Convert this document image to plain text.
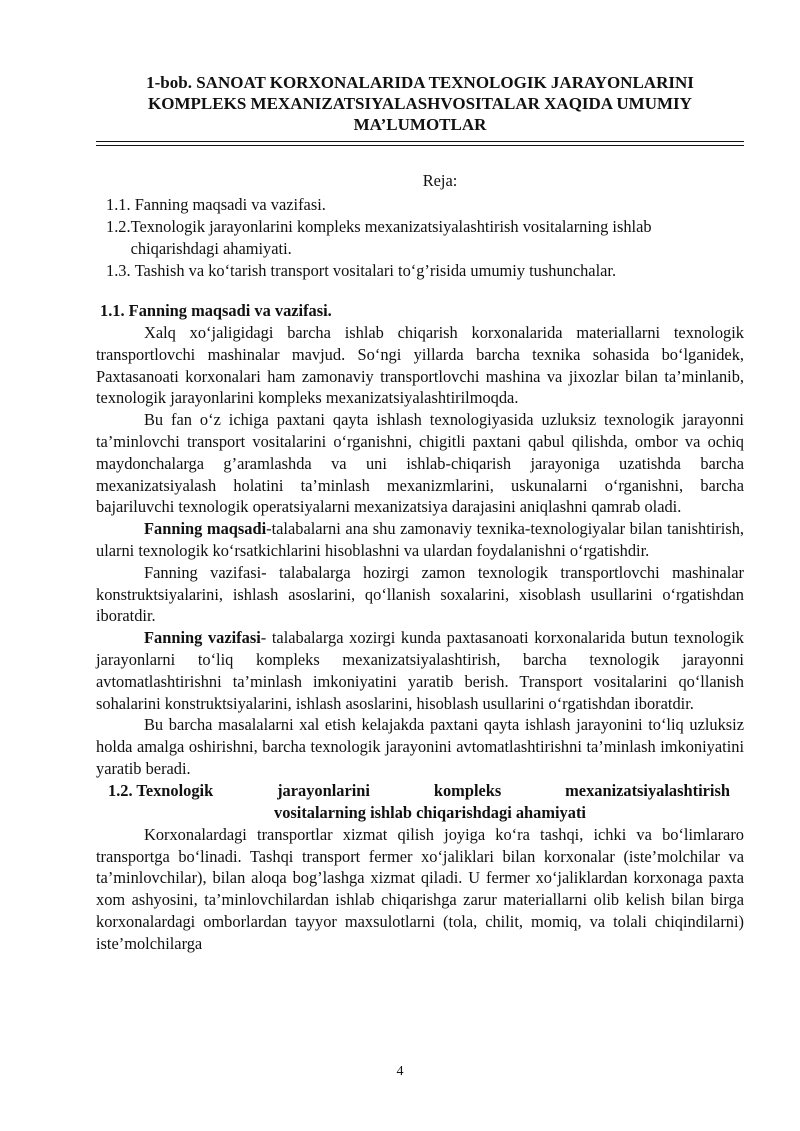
1-bob. SANOAT KORXONALARIDA TEXNOLOGIK JARAYONLARINI KOMPLEKS MEXANIZATSIYALASHVOSITALAR XAQIDA UMUMIY MA’LUMOTLAR
Reja:
1.1. Fanning maqsadi va vazifasi.
1.2. Texnologik jarayonlarini kompleks mexanizatsiyalashtirish vositalarning ishlab chiqarishdagi ahamiyati.
1.3. Tashish va ko‘tarish transport vositalari to‘g’risida umumiy tushunchalar.
1.1. Fanning maqsadi va vazifasi.

Xalq xo‘jaligidagi barcha ishlab chiqarish korxonalarida materiallarni texnologik transportlovchi mashinalar mavjud. So‘ngi yillarda barcha texnika sohasida bo‘lganidek, Paxtasanoati korxonalari ham zamonaviy transportlovchi mashina va jixozlar bilan ta’minlanib, texnologik jarayonlarini kompleks mexanizatsiyalashtirilmoqda.

Bu fan o‘z ichiga paxtani qayta ishlash texnologiyasida uzluksiz texnologik jarayonni ta’minlovchi transport vositalarini o‘rganishni, chigitli paxtani qabul qilishda, ombor va ochiq maydonchalarga g’aramlashda va uni ishlab-chiqarish jarayoniga uzatishda barcha mexanizatsiyalash holatini ta’minlash mexanizmlarini, uskunalarni o‘rganishni, barcha bajariluvchi texnologik operatsiyalarni mexanizatsiya darajasini aniqlashni qamrab oladi.

Fanning maqsadi-talabalarni ana shu zamonaviy texnika-texnologiyalar bilan tanishtirish, ularni texnologik ko‘rsatkichlarini hisoblashni va ulardan foydalanishni o‘rgatishdir.

Fanning vazifasi- talabalarga hozirgi zamon texnologik transportlovchi mashinalar konstruktsiyalarini, ishlash asoslarini, qo‘llanish soxalarini, xisoblash usullarini o‘rgatishdan iboratdir.

Fanning vazifasi- talabalarga xozirgi kunda paxtasanoati korxonalarida butun texnologik jarayonlarni to‘liq kompleks mexanizatsiyalashtirish, barcha texnologik jarayonni avtomatlashtirishni ta’minlash imkoniyatini yaratib berish. Transport vositalarini qo‘llanish sohalarini konstruktsiyalarini, ishlash asoslarini, hisoblash usullarini o‘rgatishdan iboratdir.

Bu barcha masalalarni xal etish kelajakda paxtani qayta ishlash jarayonini to‘liq uzluksiz holda amalga oshirishni, barcha texnologik jarayonini avtomatlashtirishni ta’minlash imkoniyatini yaratib beradi.

1.2. Texnologik	jarayonlarini	kompleks	mexanizatsiyalashtirish
vositalarning ishlab chiqarishdagi ahamiyati

Korxonalardagi transportlar xizmat qilish joyiga ko‘ra tashqi, ichki va bo‘limlararo transportga bo‘linadi. Tashqi transport fermer xo‘jaliklari bilan korxonalar (iste’molchilar va ta’minlovchilar), bilan aloqa bog’lashga xizmat qiladi. U fermer xo‘jaliklardan korxonaga paxta xom ashyosini, ta’minlovchilardan ishlab chiqarishga zarur materiallarni olib kelish bilan birga korxonalardagi omborlardan tayyor maxsulotlarni (tola, chilit, momiq, va tolali chiqindilarni) iste’molchilarga

4
